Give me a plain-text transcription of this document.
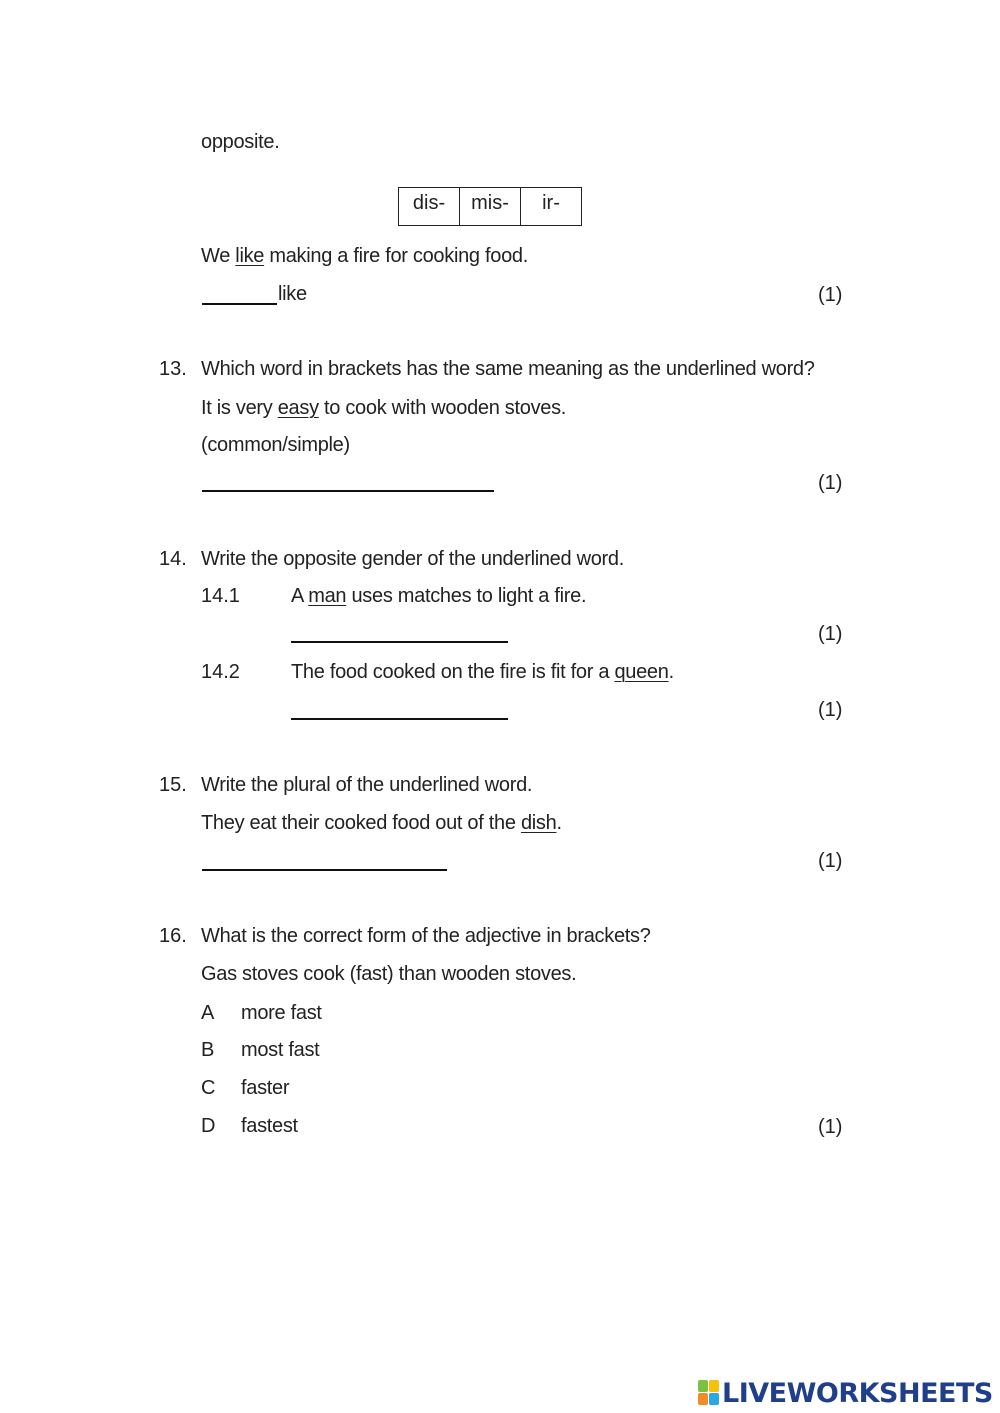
opposite.
dis-	mis-	ir-
We like making a fire for cooking food.
like	(1)
13. Which word in brackets has the same meaning as the underlined word?
It is very easy to cook with wooden stoves.
(common/simple)
(1)
14. Write the opposite gender of the underlined word.
14.1	A man uses matches to light a fire.
(1)
14.2	The food cooked on the fire is fit for a queen.
(1)
15. Write the plural of the underlined word.
They eat their cooked food out of the dish.
(1)
16. What is the correct form of the adjective in brackets?
Gas stoves cook (fast) than wooden stoves.
A more fast
B most fast
C faster
D fastest	(1)
LIVEWORKSHEETS
